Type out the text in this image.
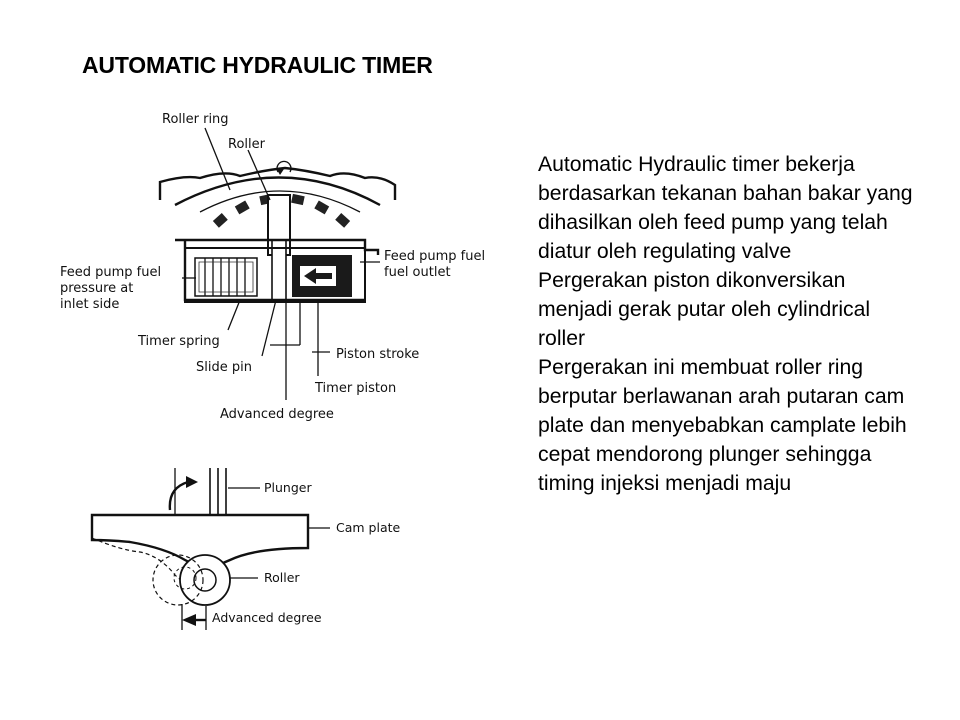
AUTOMATIC HYDRAULIC TIMER
Automatic Hydraulic timer bekerja berdasarkan tekanan bahan bakar yang dihasilkan oleh feed pump yang telah diatur oleh regulating valve
Pergerakan piston dikonversikan menjadi gerak putar oleh cylindrical roller
Pergerakan ini membuat roller ring berputar berlawanan arah putaran cam plate dan menyebabkan camplate lebih cepat mendorong plunger sehingga timing injeksi menjadi maju
Roller ring
Roller
Feed pump fuel
fuel outlet
Feed pump fuel
pressure at
inlet side
Timer spring
Slide pin
Piston stroke
Timer piston
Advanced degree
Plunger
Cam plate
Roller
Advanced degree
